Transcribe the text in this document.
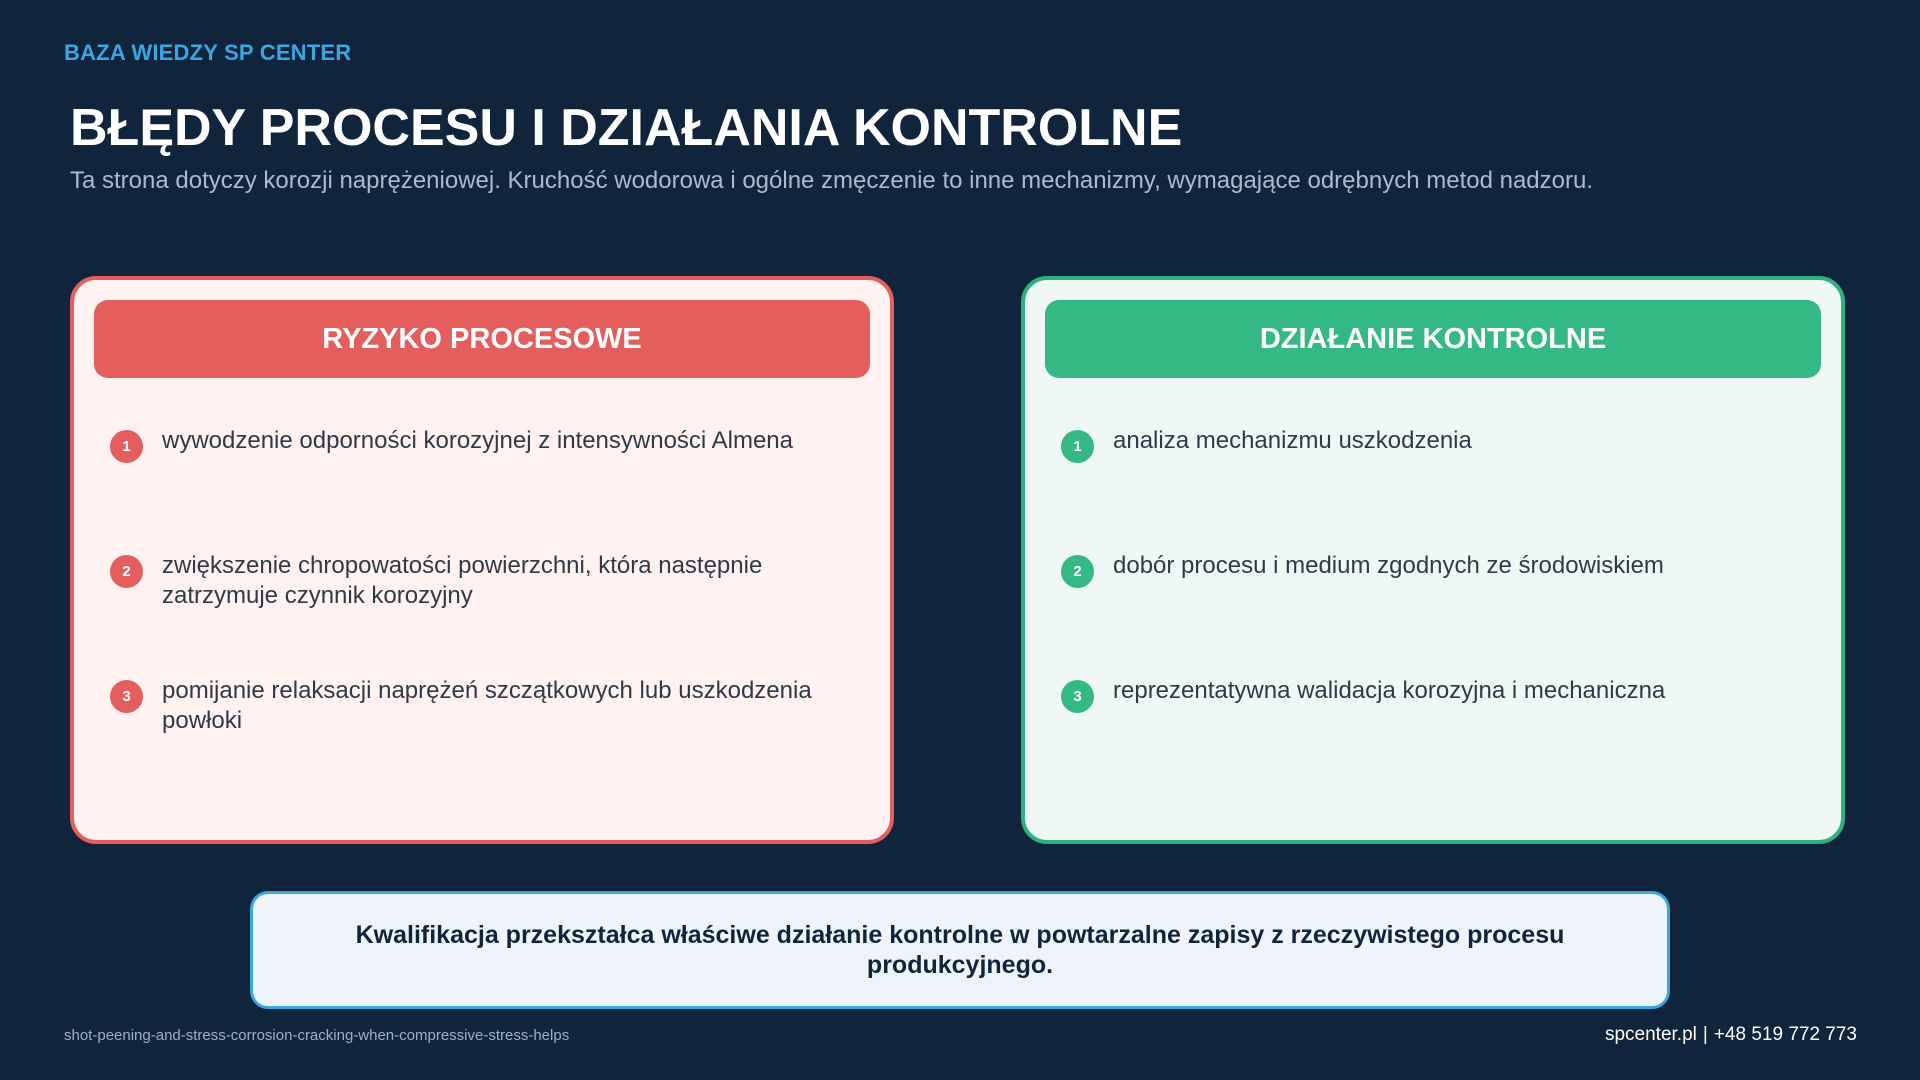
BAZA WIEDZY SP CENTER
BŁĘDY PROCESU I DZIAŁANIA KONTROLNE
Ta strona dotyczy korozji naprężeniowej. Kruchość wodorowa i ogólne zmęczenie to inne mechanizmy, wymagające odrębnych metod nadzoru.
RYZYKO PROCESOWE
1	wywodzenie odporności korozyjnej z intensywności Almena
2	zwiększenie chropowatości powierzchni, która następnie zatrzymuje czynnik korozyjny
3	pomijanie relaksacji naprężeń szczątkowych lub uszkodzenia powłoki
DZIAŁANIE KONTROLNE
1	analiza mechanizmu uszkodzenia
2	dobór procesu i medium zgodnych ze środowiskiem
3	reprezentatywna walidacja korozyjna i mechaniczna
Kwalifikacja przekształca właściwe działanie kontrolne w powtarzalne zapisy z rzeczywistego procesu produkcyjnego.
shot-peening-and-stress-corrosion-cracking-when-compressive-stress-helps	spcenter.pl | +48 519 772 773
